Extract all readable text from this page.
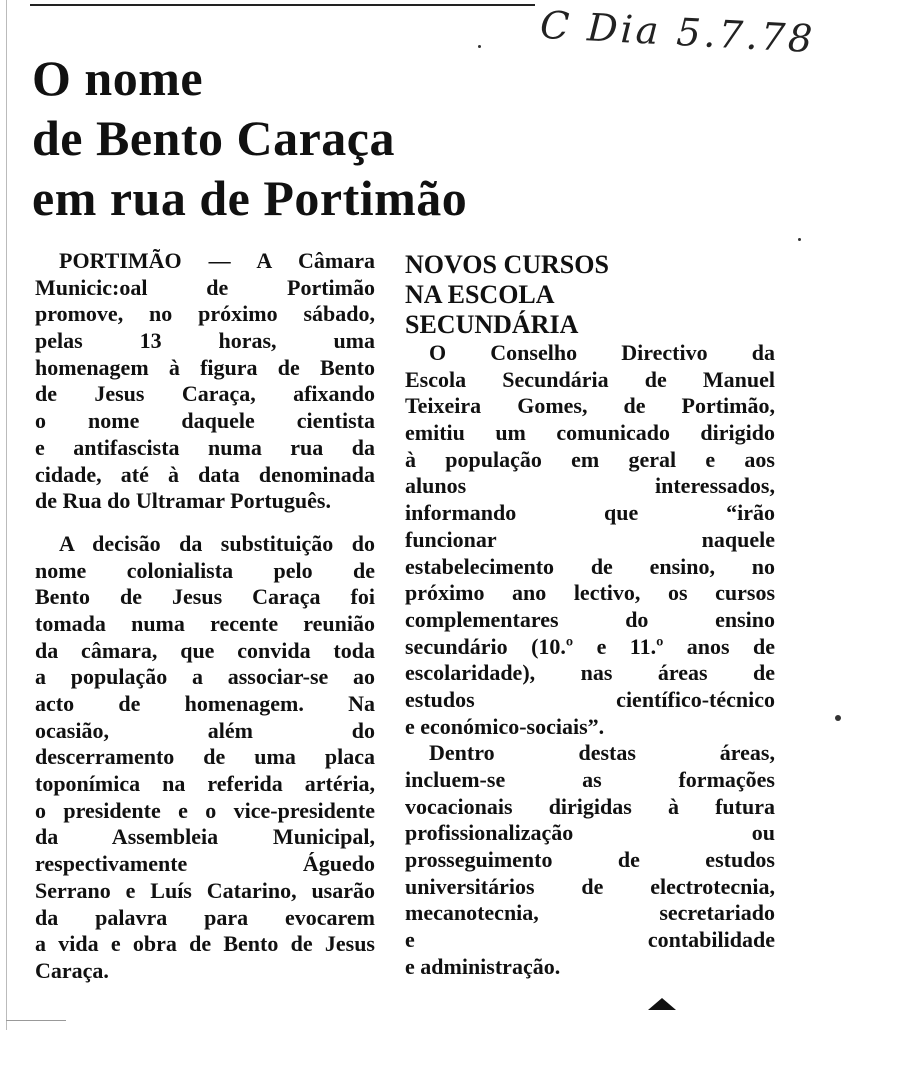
C Dia 5.7.78
O nome
de Bento Caraça
em rua de Portimão
PORTIMÃO — A Câmara
Municic:oal de Portimão
promove, no próximo sábado,
pelas 13 horas, uma
homenagem à figura de Bento
de Jesus Caraça, afixando
o nome daquele cientista
e antifascista numa rua da
cidade, até à data denominada
de Rua do Ultramar Português.
A decisão da substituição do
nome colonialista pelo de
Bento de Jesus Caraça foi
tomada numa recente reunião
da câmara, que convida toda
a população a associar-se ao
acto de homenagem. Na
ocasião, além do
descerramento de uma placa
toponímica na referida artéria,
o presidente e o vice-presidente
da Assembleia Municipal,
respectivamente Águedo
Serrano e Luís Catarino, usarão
da palavra para evocarem
a vida e obra de Bento de Jesus
Caraça.
NOVOS CURSOS
NA ESCOLA
SECUNDÁRIA
O Conselho Directivo da
Escola Secundária de Manuel
Teixeira Gomes, de Portimão,
emitiu um comunicado dirigido
à população em geral e aos
alunos interessados,
informando que “irão
funcionar naquele
estabelecimento de ensino, no
próximo ano lectivo, os cursos
complementares do ensino
secundário (10.º e 11.º anos de
escolaridade), nas áreas de
estudos científico-técnico
e económico-sociais”.
Dentro destas áreas,
incluem-se as formações
vocacionais dirigidas à futura
profissionalização ou
prosseguimento de estudos
universitários de electrotecnia,
mecanotecnia, secretariado
e contabilidade
e administração.
